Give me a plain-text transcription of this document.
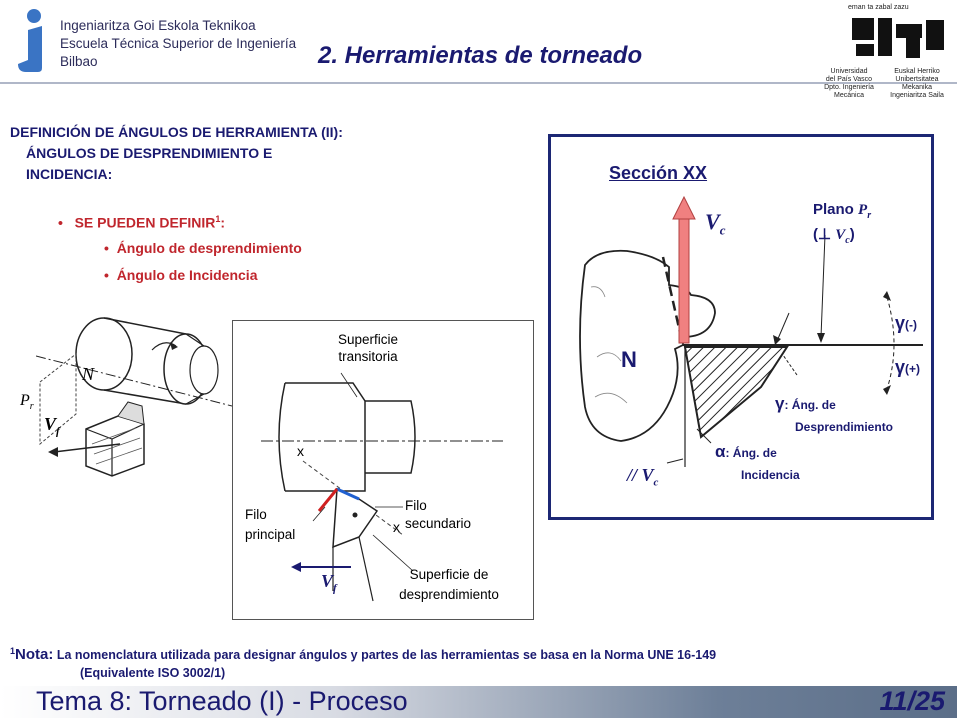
Ingeniaritza Goi Eskola Teknikoa
Escuela Técnica Superior de Ingeniería
Bilbao	2. Herramientas de torneado
eman ta zabal zazu
Universidad
del País Vasco
Dpto. Ingeniería
Mecánica
Euskal Herriko
Unibertsitatea
Mekanika
Ingeniaritza Saila
DEFINICIÓN DE ÁNGULOS DE HERRAMIENTA (II):
ÁNGULOS DE DESPRENDIMIENTO E
INCIDENCIA:
•   SE PUEDEN DEFINIR$^1$:
•  Ángulo de desprendimiento
•  Ángulo de Incidencia
N
$P_r$
$V_f$
Superficie
transitoria
x
x
Filo
secundario
Filo
principal
$V_f$
Superficie de
desprendimiento
Sección XX
$V_c$
Plano $P_r$
(⊥ $V_c$)
γ(-)
γ(+)
N
γ: Áng. de
Desprendimiento
α: Áng. de
Incidencia
// $V_c$
$^1$Nota: La nomenclatura utilizada para designar ángulos y partes de las herramientas se basa en la Norma UNE 16-149
(Equivalente ISO 3002/1)
Tema 8: Torneado (I) - Proceso	11/25
